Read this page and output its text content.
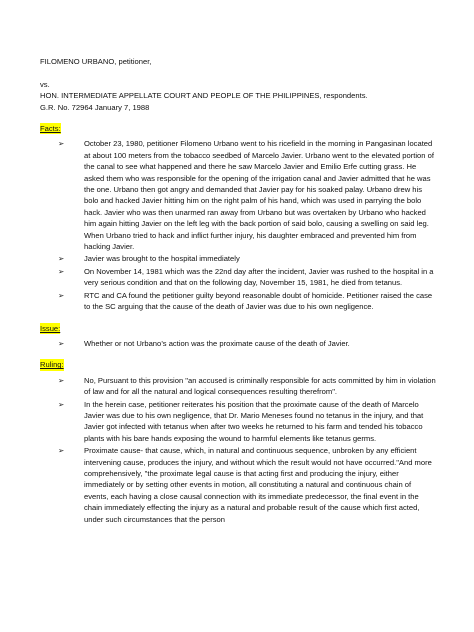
FILOMENO URBANO, petitioner,

vs.

HON. INTERMEDIATE APPELLATE COURT AND PEOPLE OF THE PHILIPPINES, respondents.

G.R. No. 72964 January 7, 1988

Facts:

➢	October 23, 1980, petitioner Filomeno Urbano went to his ricefield in the morning in Pangasinan located at about 100 meters from the tobacco seedbed of Marcelo Javier. Urbano went to the elevated portion of the canal to see what happened and there he saw Marcelo Javier and Emilio Erfe cutting grass. He asked them who was responsible for the opening of the irrigation canal and Javier admitted that he was the one. Urbano then got angry and demanded that Javier pay for his soaked palay. Urbano drew his bolo and hacked Javier hitting him on the right palm of his hand, which was used in parrying the bolo hack. Javier who was then unarmed ran away from Urbano but was overtaken by Urbano who hacked him again hitting Javier on the left leg with the back portion of said bolo, causing a swelling on said leg. When Urbano tried to hack and inflict further injury, his daughter embraced and prevented him from hacking Javier.
➢	Javier was brought to the hospital immediately
➢	On November 14, 1981 which was the 22nd day after the incident, Javier was rushed to the hospital in a very serious condition and that on the following day, November 15, 1981, he died from tetanus.
➢	RTC and CA found the petitioner guilty beyond reasonable doubt of homicide. Petitioner raised the case to the SC arguing that the cause of the death of Javier was due to his own negligence.

Issue:

➢	Whether or not Urbano’s action was the proximate cause of the death of Javier.

Ruling:

➢	No, Pursuant to this provision "an accused is criminally responsible for acts committed by him in violation of law and for all the natural and logical consequences resulting therefrom".
➢	In the herein case, petitioner reiterates his position that the proximate cause of the death of Marcelo Javier was due to his own negligence, that Dr. Mario Meneses found no tetanus in the injury, and that Javier got infected with tetanus when after two weeks he returned to his farm and tended his tobacco plants with his bare hands exposing the wound to harmful elements like tetanus germs.
➢	Proximate cause- that cause, which, in natural and continuous sequence, unbroken by any efficient intervening cause, produces the injury, and without which the result would not have occurred."And more comprehensively, "the proximate legal cause is that acting first and producing the injury, either immediately or by setting other events in motion, all constituting a natural and continuous chain of events, each having a close causal connection with its immediate predecessor, the final event in the chain immediately effecting the injury as a natural and probable result of the cause which first acted, under such circumstances that the person
